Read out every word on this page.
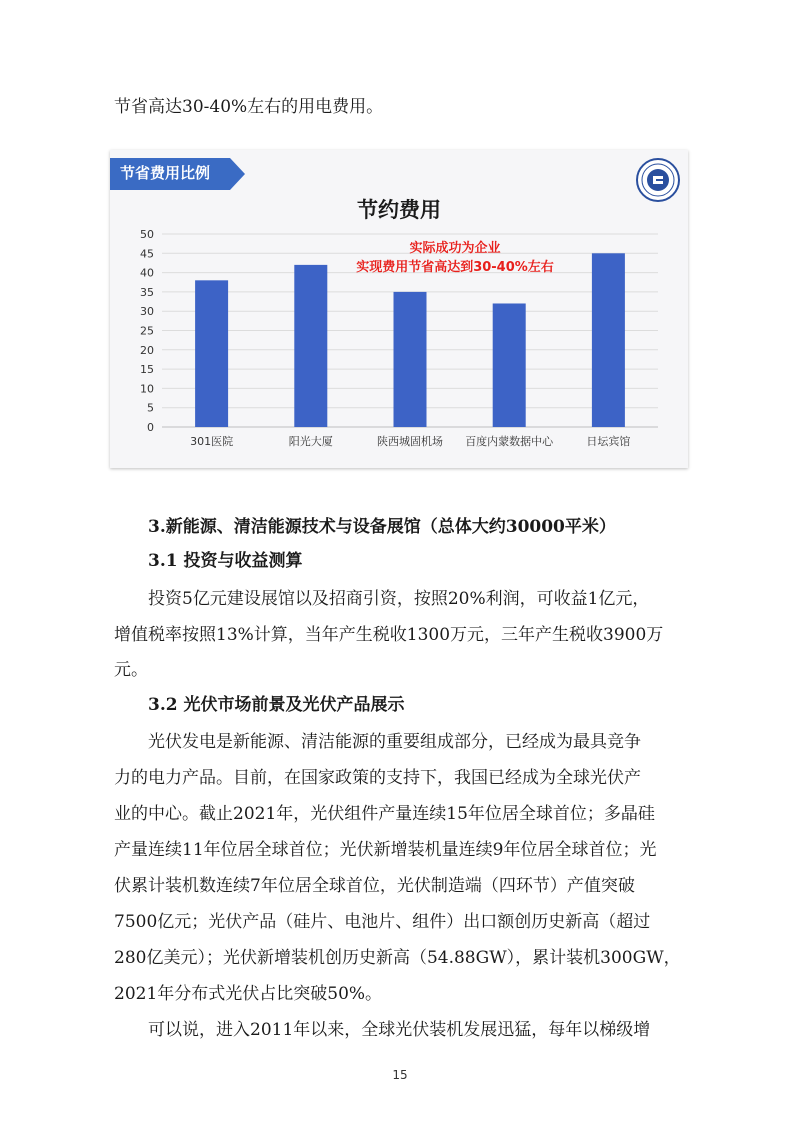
节省高达30-40%左右的用电费用。
节省费用比例
节约费用
0
5
10
15
20
25
30
35
40
45
50
301医院	阳光大厦	陕西城固机场 百度内蒙数据中心	日坛宾馆
实际成功为企业
实现费用节省高达到30-40%左右
3.新能源、清洁能源技术与设备展馆（总体大约30000平米）
3.1 投资与收益测算
投资5亿元建设展馆以及招商引资，按照20%利润，可收益1亿元，
增值税率按照13%计算，当年产生税收1300万元，三年产生税收3900万
元。
3.2 光伏市场前景及光伏产品展示
光伏发电是新能源、清洁能源的重要组成部分，已经成为最具竞争
力的电力产品。目前，在国家政策的支持下，我国已经成为全球光伏产
业的中心。截止2021年，光伏组件产量连续15年位居全球首位；多晶硅
产量连续11年位居全球首位；光伏新增装机量连续9年位居全球首位；光
伏累计装机数连续7年位居全球首位，光伏制造端（四环节）产值突破
7500亿元；光伏产品（硅片、电池片、组件）出口额创历史新高（超过
280亿美元）；光伏新增装机创历史新高（54.88GW），累计装机300GW，
2021年分布式光伏占比突破50%。
可以说，进入2011年以来，全球光伏装机发展迅猛，每年以梯级增
15
